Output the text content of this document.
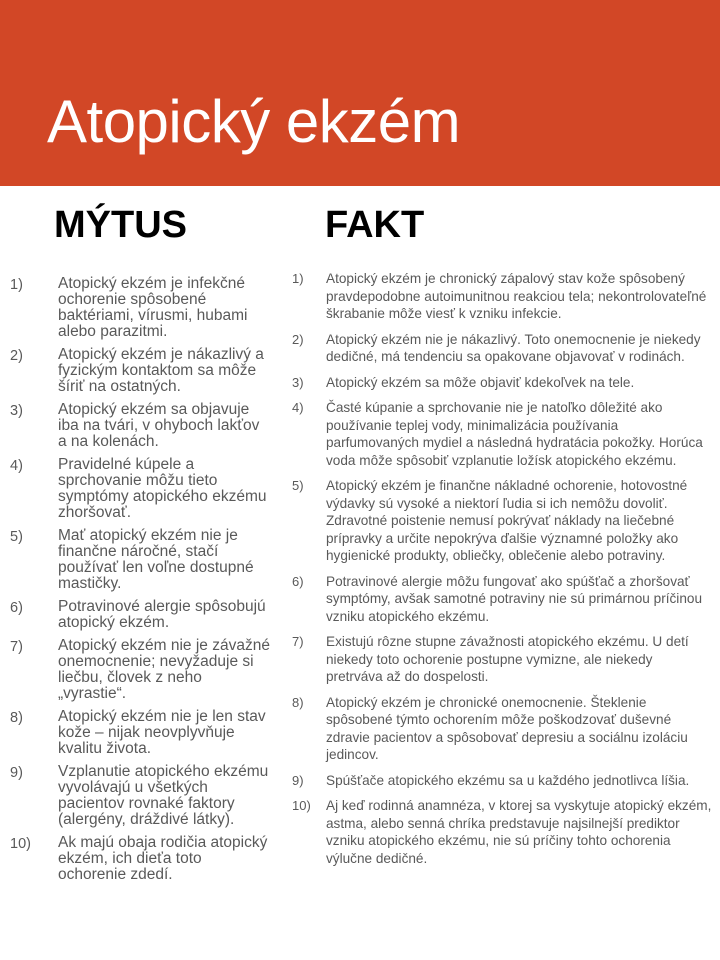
Atopický ekzém
MÝTUS	FAKT
1) Atopický ekzém je infekčné ochorenie spôsobené baktériami, vírusmi, hubami alebo parazitmi.
2) Atopický ekzém je nákazlivý a fyzickým kontaktom sa môže šíriť na ostatných.
3) Atopický ekzém sa objavuje iba na tvári, v ohyboch lakťov a na kolenách.
4) Pravidelné kúpele a sprchovanie môžu tieto symptómy atopického ekzému zhoršovať.
5) Mať atopický ekzém nie je finančne náročné, stačí používať len voľne dostupné mastičky.
6) Potravinové alergie spôsobujú atopický ekzém.
7) Atopický ekzém nie je závažné onemocnenie; nevyžaduje si liečbu, človek z neho „vyrastie“.
8) Atopický ekzém nie je len stav kože – nijak neovplyvňuje kvalitu života.
9) Vzplanutie atopického ekzému vyvolávajú u všetkých pacientov rovnaké faktory (alergény, dráždivé látky).
10) Ak majú obaja rodičia atopický ekzém, ich dieťa toto ochorenie zdedí.
1) Atopický ekzém je chronický zápalový stav kože spôsobený pravdepodobne autoimunitnou reakciou tela; nekontrolovateľné škrabanie môže viesť k vzniku infekcie.
2) Atopický ekzém nie je nákazlivý. Toto onemocnenie je niekedy dedičné, má tendenciu sa opakovane objavovať v rodinách.
3) Atopický ekzém sa môže objaviť kdekoľvek na tele.
4) Časté kúpanie a sprchovanie nie je natoľko dôležité ako používanie teplej vody, minimalizácia používania parfumovaných mydiel a následná hydratácia pokožky. Horúca voda môže spôsobiť vzplanutie ložísk atopického ekzému.
5) Atopický ekzém je finančne nákladné ochorenie, hotovostné výdavky sú vysoké a niektorí ľudia si ich nemôžu dovoliť. Zdravotné poistenie nemusí pokrývať náklady na liečebné prípravky a určite nepokrýva ďalšie významné položky ako hygienické produkty, obliečky, oblečenie alebo potraviny.
6) Potravinové alergie môžu fungovať ako spúšťač a zhoršovať symptómy, avšak samotné potraviny nie sú primárnou príčinou vzniku atopického ekzému.
7) Existujú rôzne stupne závažnosti atopického ekzému. U detí niekedy toto ochorenie postupne vymizne, ale niekedy pretrváva až do dospelosti.
8) Atopický ekzém je chronické onemocnenie. Šteklenie spôsobené týmto ochorením môže poškodzovať duševné zdravie pacientov a spôsobovať depresiu a sociálnu izoláciu jedincov.
9) Spúšťače atopického ekzému sa u každého jednotlivca líšia.
10) Aj keď rodinná anamnéza, v ktorej sa vyskytuje atopický ekzém, astma, alebo senná chríka predstavuje najsilnejší prediktor vzniku atopického ekzému, nie sú príčiny tohto ochorenia výlučne dedičné.
